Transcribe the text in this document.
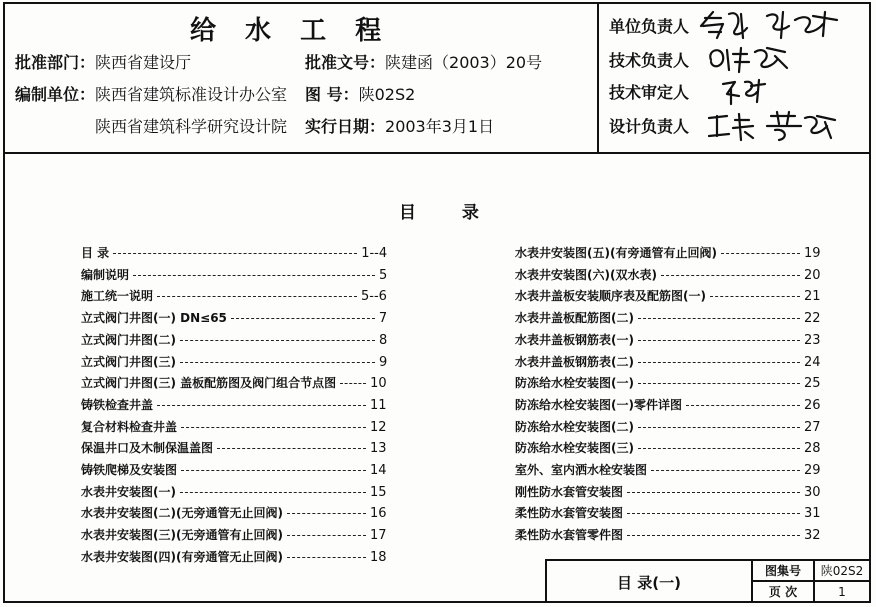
给 水 工 程
批准部门：陕西省建设厅	批准文号：陕建函（2003）20号
编制单位：陕西省建筑标准设计办公室 图 号：陕02S2
陕西省建筑科学研究设计院 实行日期：2003年3月1日
单位负责人
技术负责人
技术审定人
设计负责人
目 录
目 录	1--4
编制说明	5
施工统一说明	5--6
立式阀门井图(一) DN≤65	7
立式阀门井图(二)	8
立式阀门井图(三)	9
立式阀门井图(三) 盖板配筋图及阀门组合节点图	10
铸铁检查井盖	11
复合材料检查井盖	12
保温井口及木制保温盖图	13
铸铁爬梯及安装图	14
水表井安装图(一)	15
水表井安装图(二)(无旁通管无止回阀)	16
水表井安装图(三)(无旁通管有止回阀)	17
水表井安装图(四)(有旁通管无止回阀)	18
水表井安装图(五)(有旁通管有止回阀)	19
水表井安装图(六)(双水表)	20
水表井盖板安装顺序表及配筋图(一)	21
水表井盖板配筋图(二)	22
水表井盖板钢筋表(一)	23
水表井盖板钢筋表(二)	24
防冻给水栓安装图(一)	25
防冻给水栓安装图(一)零件详图	26
防冻给水栓安装图(二)	27
防冻给水栓安装图(三)	28
室外、室内洒水栓安装图	29
刚性防水套管安装图	30
柔性防水套管安装图	31
柔性防水套管零件图	32
目 录(一)
图集号	陕02S2
页 次	1
